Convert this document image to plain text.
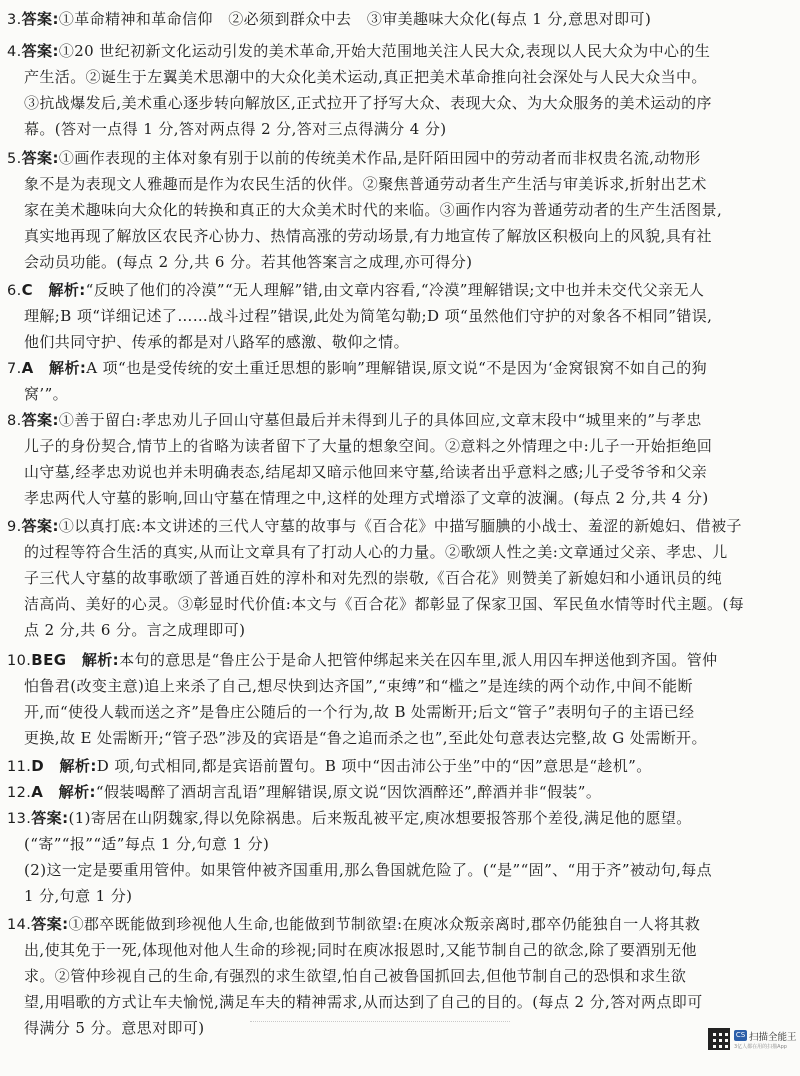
3.答案:①革命精神和革命信仰　②必须到群众中去　③审美趣味大众化(每点 1 分,意思对即可)
4.答案:①20 世纪初新文化运动引发的美术革命,开始大范围地关注人民大众,表现以人民大众为中心的生
产生活。②诞生于左翼美术思潮中的大众化美术运动,真正把美术革命推向社会深处与人民大众当中。
③抗战爆发后,美术重心逐步转向解放区,正式拉开了抒写大众、表现大众、为大众服务的美术运动的序
幕。(答对一点得 1 分,答对两点得 2 分,答对三点得满分 4 分)
5.答案:①画作表现的主体对象有别于以前的传统美术作品,是阡陌田园中的劳动者而非权贵名流,动物形
象不是为表现文人雅趣而是作为农民生活的伙伴。②聚焦普通劳动者生产生活与审美诉求,折射出艺术
家在美术趣味向大众化的转换和真正的大众美术时代的来临。③画作内容为普通劳动者的生产生活图景,
真实地再现了解放区农民齐心协力、热情高涨的劳动场景,有力地宣传了解放区积极向上的风貌,具有社
会动员功能。(每点 2 分,共 6 分。若其他答案言之成理,亦可得分)
6.C　解析:“反映了他们的冷漠”“无人理解”错,由文章内容看,“冷漠”理解错误;文中也并未交代父亲无人
理解;B 项“详细记述了……战斗过程”错误,此处为简笔勾勒;D 项“虽然他们守护的对象各不相同”错误,
他们共同守护、传承的都是对八路军的感激、敬仰之情。
7.A　解析:A 项“也是受传统的安土重迁思想的影响”理解错误,原文说“不是因为‘金窝银窝不如自己的狗
窝’”。
8.答案:①善于留白:孝忠劝儿子回山守墓但最后并未得到儿子的具体回应,文章末段中“城里来的”与孝忠
儿子的身份契合,情节上的省略为读者留下了大量的想象空间。②意料之外情理之中:儿子一开始拒绝回
山守墓,经孝忠劝说也并未明确表态,结尾却又暗示他回来守墓,给读者出乎意料之感;儿子受爷爷和父亲
孝忠两代人守墓的影响,回山守墓在情理之中,这样的处理方式增添了文章的波澜。(每点 2 分,共 4 分)
9.答案:①以真打底:本文讲述的三代人守墓的故事与《百合花》中描写腼腆的小战士、羞涩的新媳妇、借被子
的过程等符合生活的真实,从而让文章具有了打动人心的力量。②歌颂人性之美:文章通过父亲、孝忠、儿
子三代人守墓的故事歌颂了普通百姓的淳朴和对先烈的崇敬,《百合花》则赞美了新媳妇和小通讯员的纯
洁高尚、美好的心灵。③彰显时代价值:本文与《百合花》都彰显了保家卫国、军民鱼水情等时代主题。(每
点 2 分,共 6 分。言之成理即可)
10.BEG　解析:本句的意思是“鲁庄公于是命人把管仲绑起来关在囚车里,派人用囚车押送他到齐国。管仲
怕鲁君(改变主意)追上来杀了自己,想尽快到达齐国”,“束缚”和“槛之”是连续的两个动作,中间不能断
开,而“使役人载而送之齐”是鲁庄公随后的一个行为,故 B 处需断开;后文“管子”表明句子的主语已经
更换,故 E 处需断开;“管子恐”涉及的宾语是“鲁之追而杀之也”,至此处句意表达完整,故 G 处需断开。
11.D　解析:D 项,句式相同,都是宾语前置句。B 项中“因击沛公于坐”中的“因”意思是“趁机”。
12.A　解析:“假装喝醉了酒胡言乱语”理解错误,原文说“因饮酒醉还”,醉酒并非“假装”。
13.答案:(1)寄居在山阴魏家,得以免除祸患。后来叛乱被平定,庾冰想要报答那个差役,满足他的愿望。
(“寄”“报”“适”每点 1 分,句意 1 分)
(2)这一定是要重用管仲。如果管仲被齐国重用,那么鲁国就危险了。(“是”“固”、“用于齐”被动句,每点
1 分,句意 1 分)
14.答案:①郡卒既能做到珍视他人生命,也能做到节制欲望:在庾冰众叛亲离时,郡卒仍能独自一人将其救
出,使其免于一死,体现他对他人生命的珍视;同时在庾冰报恩时,又能节制自己的欲念,除了要酒别无他
求。②管仲珍视自己的生命,有强烈的求生欲望,怕自己被鲁国抓回去,但他节制自己的恐惧和求生欲
望,用唱歌的方式让车夫愉悦,满足车夫的精神需求,从而达到了自己的目的。(每点 2 分,答对两点即可
得满分 5 分。意思对即可)	CS 扫描全能王
3亿人都在用的扫描App
